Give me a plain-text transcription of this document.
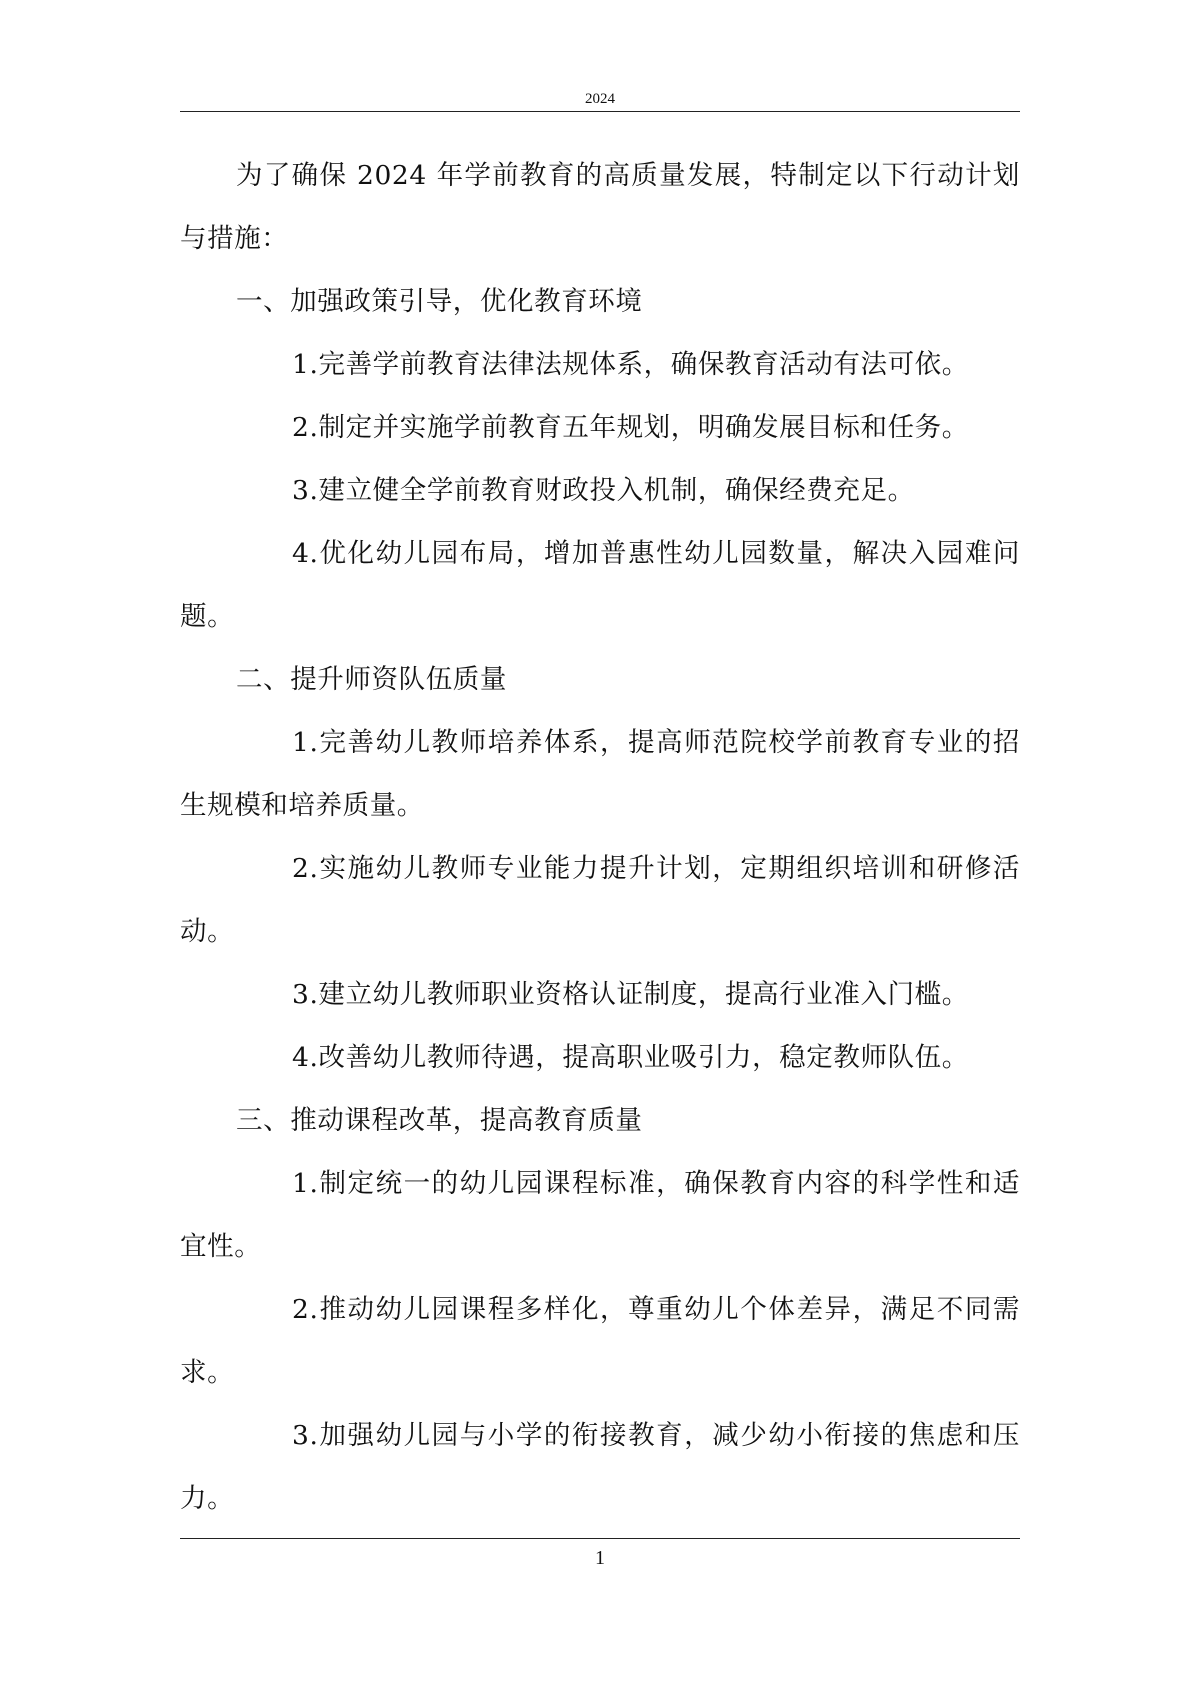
2024

为了确保 2024 年学前教育的高质量发展，特制定以下行动计划与措施：

一、加强政策引导，优化教育环境

1.完善学前教育法律法规体系，确保教育活动有法可依。

2.制定并实施学前教育五年规划，明确发展目标和任务。

3.建立健全学前教育财政投入机制，确保经费充足。

4.优化幼儿园布局，增加普惠性幼儿园数量，解决入园难问题。

二、提升师资队伍质量

1.完善幼儿教师培养体系，提高师范院校学前教育专业的招生规模和培养质量。

2.实施幼儿教师专业能力提升计划，定期组织培训和研修活动。

3.建立幼儿教师职业资格认证制度，提高行业准入门槛。

4.改善幼儿教师待遇，提高职业吸引力，稳定教师队伍。

三、推动课程改革，提高教育质量

1.制定统一的幼儿园课程标准，确保教育内容的科学性和适宜性。

2.推动幼儿园课程多样化，尊重幼儿个体差异，满足不同需求。

3.加强幼儿园与小学的衔接教育，减少幼小衔接的焦虑和压力。

1
